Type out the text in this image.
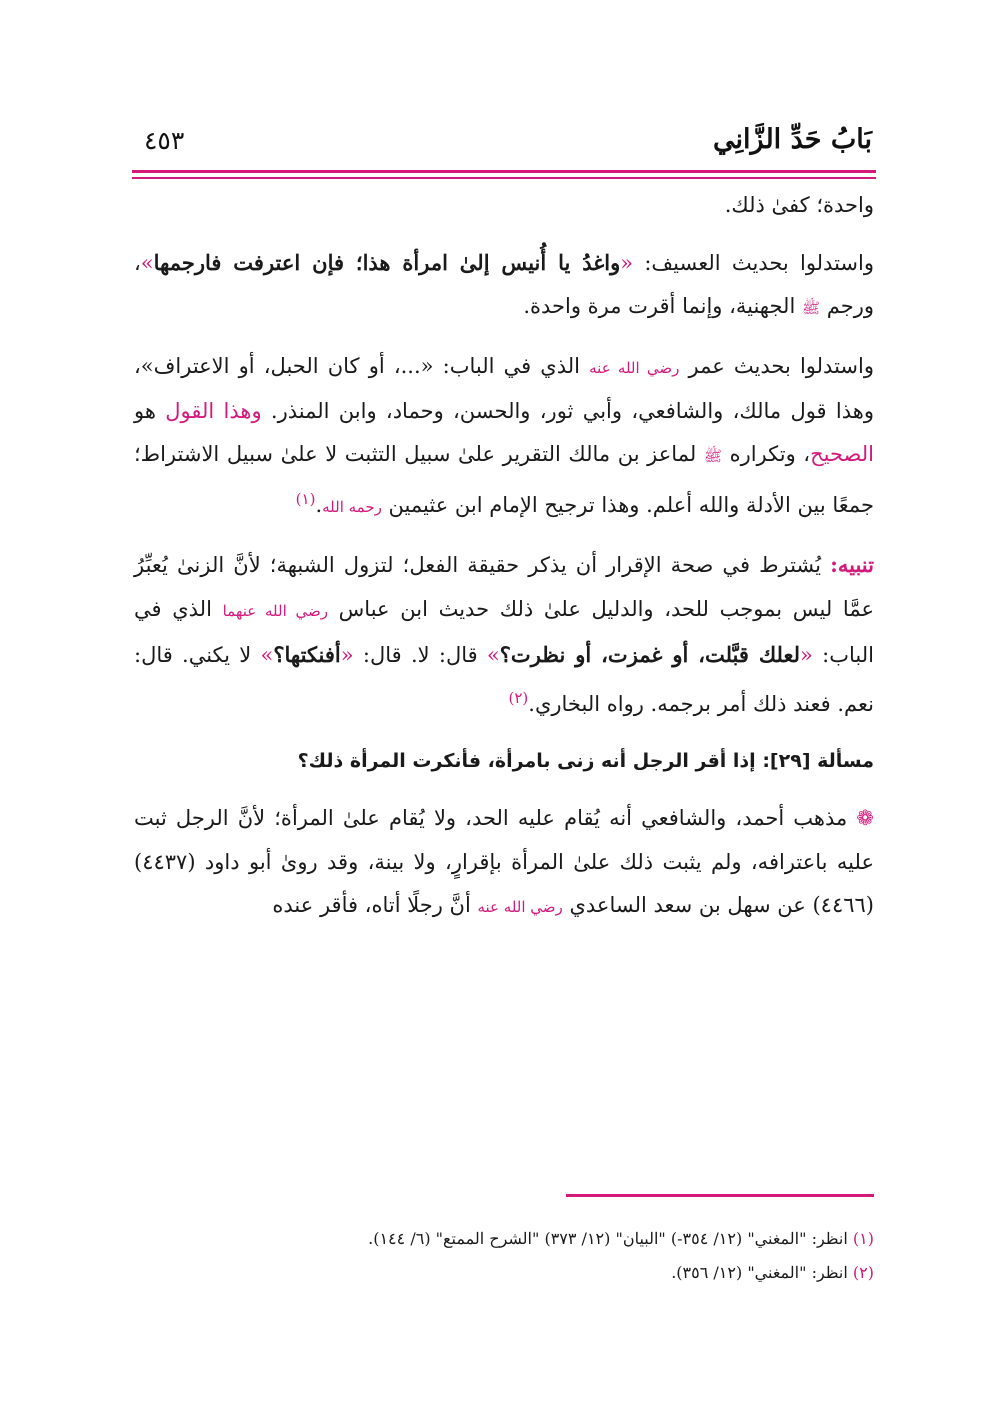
بَابُ حَدِّ الزَّانِي
٤٥٣

واحدة؛ كفىٰ ذلك.

واستدلوا بحديث العسيف: «واغدُ يا أُنيس إلىٰ امرأة هذا؛ فإن اعترفت فارجمها»، ورجم ﷺ الجهنية، وإنما أقرت مرة واحدة.

واستدلوا بحديث عمر رضي الله عنه الذي في الباب: «...، أو كان الحبل، أو الاعتراف»، وهذا قول مالك، والشافعي، وأبي ثور، والحسن، وحماد، وابن المنذر. وهذا القول هو الصحيح، وتكراره ﷺ لماعز بن مالك التقرير علىٰ سبيل التثبت لا علىٰ سبيل الاشتراط؛ جمعًا بين الأدلة والله أعلم. وهذا ترجيح الإمام ابن عثيمين رحمه الله.$^{(١)}$

تنبيه: يُشترط في صحة الإقرار أن يذكر حقيقة الفعل؛ لتزول الشبهة؛ لأنَّ الزنىٰ يُعبِّرُ عمَّا ليس بموجب للحد، والدليل علىٰ ذلك حديث ابن عباس رضي الله عنهما الذي في الباب: «لعلك قبَّلت، أو غمزت، أو نظرت؟» قال: لا. قال: «أفنكتها؟» لا يكني. قال: نعم. فعند ذلك أمر برجمه. رواه البخاري.$^{(٢)}$

مسألة [٢٩]: إذا أقر الرجل أنه زنى بامرأة، فأنكرت المرأة ذلك؟

❁ مذهب أحمد، والشافعي أنه يُقام عليه الحد، ولا يُقام علىٰ المرأة؛ لأنَّ الرجل ثبت عليه باعترافه، ولم يثبت ذلك علىٰ المرأة بإقرارٍ، ولا بينة، وقد روىٰ أبو داود (٤٤٣٧) (٤٤٦٦) عن سهل بن سعد الساعدي رضي الله عنه أنَّ رجلًا أتاه، فأقر عنده

(١) انظر: "المغني" (١٢/ ٣٥٤-) "البيان" (١٢/ ٣٧٣) "الشرح الممتع" (٦/ ١٤٤).

(٢) انظر: "المغني" (١٢/ ٣٥٦).
